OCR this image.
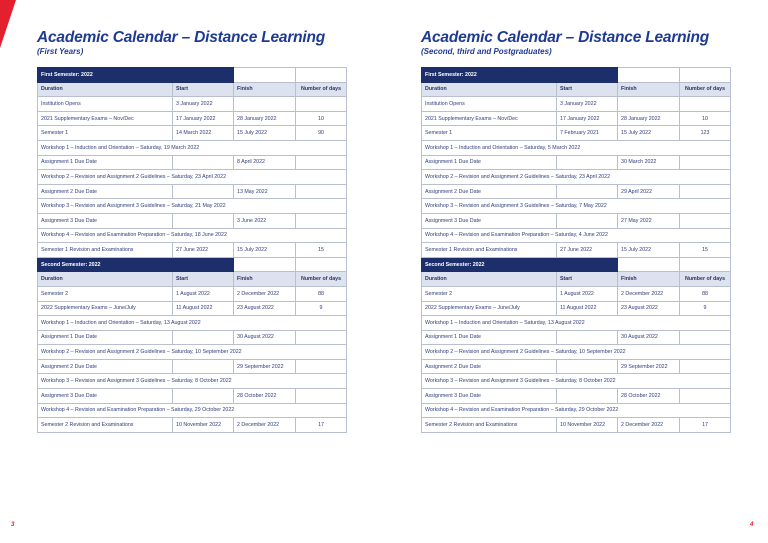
Academic Calendar – Distance Learning
(First Years)
First Semester: 2022			
Duration	Start	Finish	Number of days
Institution Opens	3 January 2022		
2021 Supplementary Exams – Nov/Dec	17 January 2022	28 January 2022	10
Semester 1	14 March 2022	15 July 2022	90
Workshop 1 – Induction and Orientation – Saturday, 19 March 2022			
Assignment 1 Due Date		8 April 2022	
Workshop 2 – Revision and Assignment 2 Guidelines – Saturday, 23 April 2022			
Assignment 2 Due Date		13 May 2022	
Workshop 3 – Revision and Assignment 3 Guidelines – Saturday, 21 May 2022			
Assignment 3 Due Date		3 June 2022	
Workshop 4 – Revision and Examination Preparation – Saturday, 18 June 2022			
Semester 1 Revision and Examinations	27 June 2022	15 July 2022	15
Second Semester: 2022			
Duration	Start	Finish	Number of days
Semester 2	1 August 2022	2 December 2022	88
2022 Supplementary Exams – June/July	11 August 2022	23 August 2022	9
Workshop 1 – Induction and Orientation – Saturday, 13 August 2022			
Assignment 1 Due Date		30 August 2022	
Workshop 2 – Revision and Assignment 2 Guidelines – Saturday, 10 September 2022			
Assignment 2 Due Date		29 September 2022	
Workshop 3 – Revision and Assignment 3 Guidelines – Saturday, 8 October 2022			
Assignment 3 Due Date		28 October 2022	
Workshop 4 – Revision and Examination Preparation – Saturday, 29 October 2022			
Semester 2 Revision and Examinations	10 November 2022	2 December 2022	17
Academic Calendar – Distance Learning
(Second, third and Postgraduates)
First Semester: 2022			
Duration	Start	Finish	Number of days
Institution Opens	3 January 2022		
2021 Supplementary Exams – Nov/Dec	17 January 2022	28 January 2022	10
Semester 1	7 February 2021	15 July 2022	123
Workshop 1 – Induction and Orientation – Saturday, 5 March 2022			
Assignment 1 Due Date		30 March 2022	
Workshop 2 – Revision and Assignment 2 Guidelines – Saturday, 23 April 2022			
Assignment 2 Due Date		29 April 2022	
Workshop 3 – Revision and Assignment 3 Guidelines – Saturday, 7 May 2022			
Assignment 3 Due Date		27 May 2022	
Workshop 4 – Revision and Examination Preparation – Saturday, 4 June 2022			
Semester 1 Revision and Examinations	27 June 2022	15 July 2022	15
Second Semester: 2022			
Duration	Start	Finish	Number of days
Semester 2	1 August 2022	2 December 2022	88
2022 Supplementary Exams – June/July	11 August 2022	23 August 2022	9
Workshop 1 – Induction and Orientation – Saturday, 13 August 2022			
Assignment 1 Due Date		30 August 2022	
Workshop 2 – Revision and Assignment 2 Guidelines – Saturday, 10 September 2022			
Assignment 2 Due Date		29 September 2022	
Workshop 3 – Revision and Assignment 3 Guidelines – Saturday, 8 October 2022			
Assignment 3 Due Date		28 October 2022	
Workshop 4 – Revision and Examination Preparation – Saturday, 29 October 2022			
Semester 2 Revision and Examinations	10 November 2022	2 December 2022	17
3	4
